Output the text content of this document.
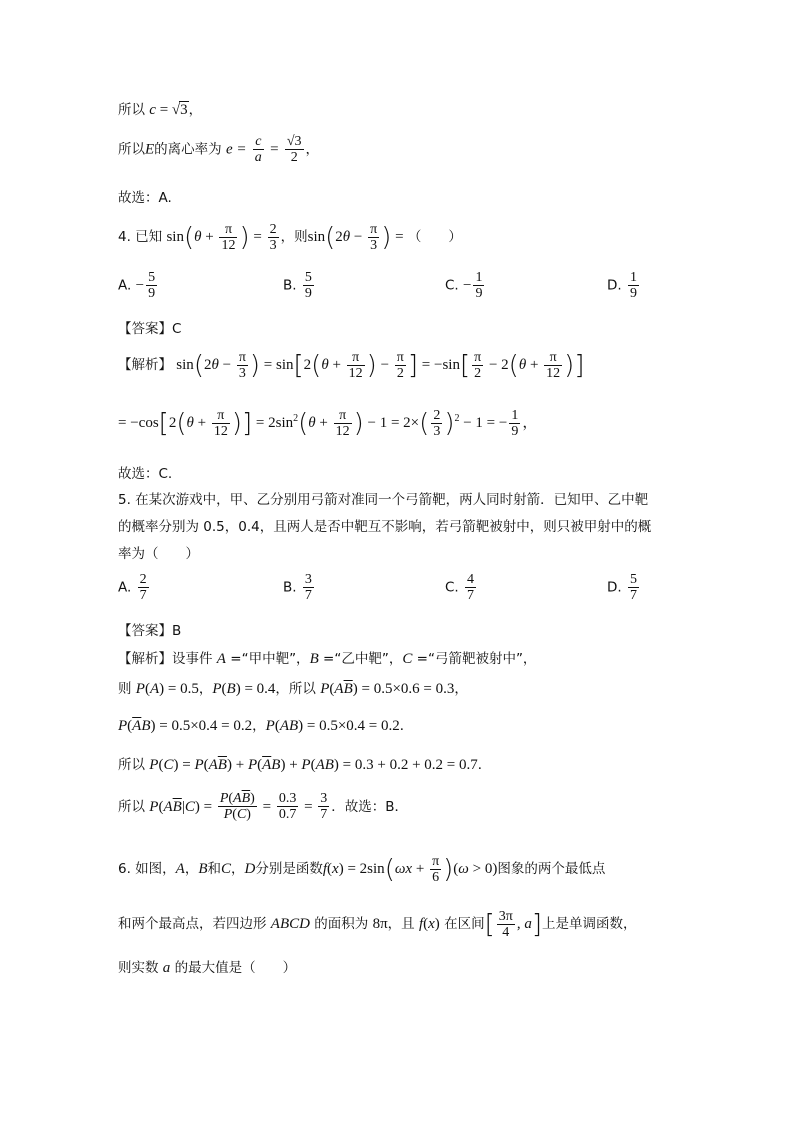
所以 c = √3，
所以E的离心率为 $e = \frac{c}{a} = \frac{√3}{2}$ ，
故选：A.
4. 已知 $\sin(\theta + \frac{\pi}{12}$ ) = $\frac{2}{3}$ ，则$\sin(2\theta - \frac{\pi}{3}$ ) = （　　）
A. − $\frac{5}{9}$	B. $\frac{5}{9}$	C. − $\frac{1}{9}$	D. $\frac{1}{9}$
【答案】C
【解析】 $\sin(2\theta - \frac{\pi}{3}$ ) = $\sin[2(\theta + \frac{\pi}{12}$ ) − $\frac{\pi}{2}$ ] = $-\sin[ \frac{\pi}{2} - 2(\theta + \frac{\pi}{12}$ )]
= $-\cos[2(\theta + \frac{\pi}{12}$ )] = $2\sin^2(\theta + \frac{\pi}{12}$ ) − $1 = 2\times( \frac{2}{3} )^2 - 1$ = − $\frac{1}{9}$ ，
故选：C.
5. 在某次游戏中，甲、乙分别用弓箭对准同一个弓箭靶，两人同时射箭．已知甲、乙中靶
的概率分别为 0.5，0.4，且两人是否中靶互不影响，若弓箭靶被射中，则只被甲射中的概
率为（　　）
A. $\frac{2}{7}$	B. $\frac{3}{7}$	C. $\frac{4}{7}$	D. $\frac{5}{7}$
【答案】B
【解析】设事件 A =“甲中靶”，B =“乙中靶”，C =“弓箭靶被射中”，
则 P(A) = 0.5，P(B) = 0.4，所以 $P(A\overline{B}) = 0.5\times 0.6 = 0.3$，
$P(\overline{A}B) = 0.5\times 0.4 = 0.2$，P(AB) = 0.5×0.4 = 0.2．
所以 $P(C) = P(A\overline{B}) + P(\overline{A}B) + P(AB) = 0.3 + 0.2 + 0.2 = 0.7$．
所以 $P(A\overline{B}|C) = \frac{P(A\overline{B})}{P(C)} = \frac{0.3}{0.7} = \frac{3}{7}$ ．故选：B．
6. 如图，A，B和C，D分别是函数$f(x) = 2\sin(\omega x + \frac{\pi}{6} )(\omega > 0)$图象的两个最低点
和两个最高点，若四边形 ABCD 的面积为 8π，且 f(x) 在区间[ $\frac{3\pi}{4}$ , a]上是单调函数，
则实数 a 的最大值是（　　）
